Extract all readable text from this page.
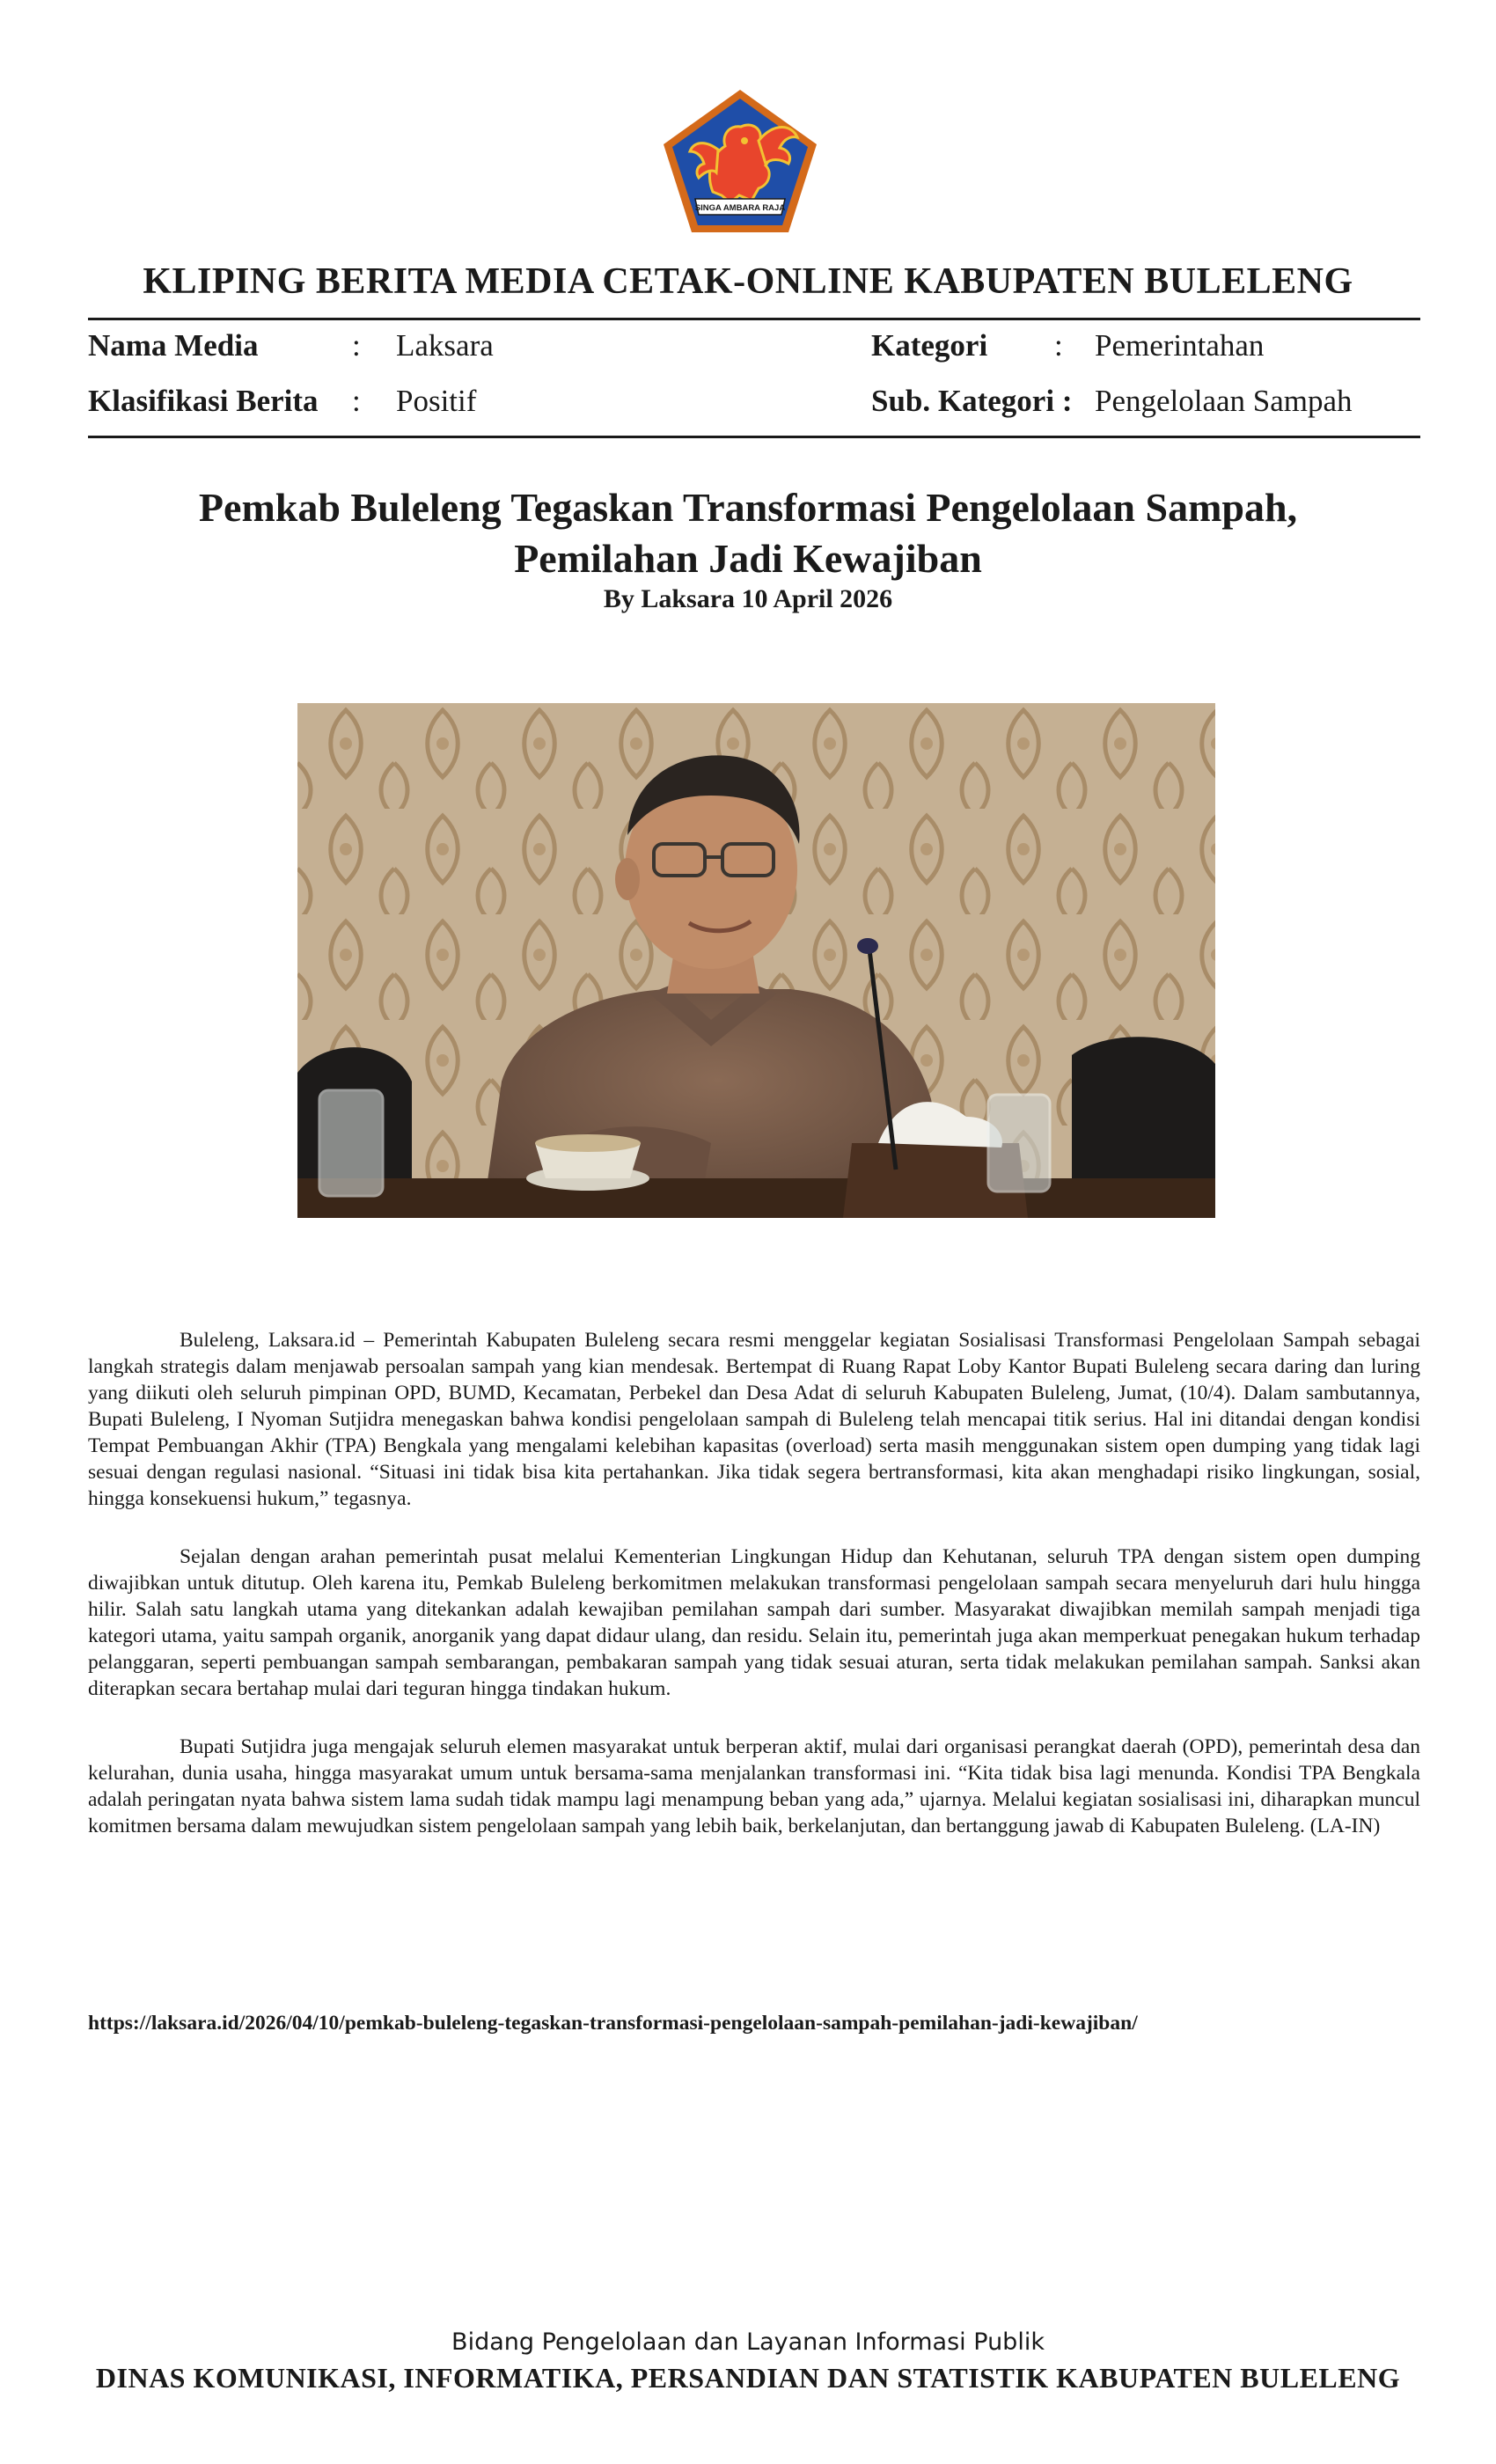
SINGA AMBARA RAJA
KLIPING BERITA MEDIA CETAK-ONLINE KABUPATEN BULELENG
Nama Media	: Laksara	Kategori : Pemerintahan
Klasifikasi Berita : Positif	Sub. Kategori : Pengelolaan Sampah
Pemkab Buleleng Tegaskan Transformasi Pengelolaan Sampah,
Pemilahan Jadi Kewajiban
By Laksara 10 April 2026

Buleleng, Laksara.id – Pemerintah Kabupaten Buleleng secara resmi menggelar kegiatan Sosialisasi Transformasi Pengelolaan Sampah sebagai langkah strategis dalam menjawab persoalan sampah yang kian mendesak. Bertempat di Ruang Rapat Loby Kantor Bupati Buleleng secara daring dan luring yang diikuti oleh seluruh pimpinan OPD, BUMD, Kecamatan, Perbekel dan Desa Adat di seluruh Kabupaten Buleleng, Jumat, (10/4). Dalam sambutannya, Bupati Buleleng, I Nyoman Sutjidra menegaskan bahwa kondisi pengelolaan sampah di Buleleng telah mencapai titik serius. Hal ini ditandai dengan kondisi Tempat Pembuangan Akhir (TPA) Bengkala yang mengalami kelebihan kapasitas (overload) serta masih menggunakan sistem open dumping yang tidak lagi sesuai dengan regulasi nasional. “Situasi ini tidak bisa kita pertahankan. Jika tidak segera bertransformasi, kita akan menghadapi risiko lingkungan, sosial, hingga konsekuensi hukum,” tegasnya.

Sejalan dengan arahan pemerintah pusat melalui Kementerian Lingkungan Hidup dan Kehutanan, seluruh TPA dengan sistem open dumping diwajibkan untuk ditutup. Oleh karena itu, Pemkab Buleleng berkomitmen melakukan transformasi pengelolaan sampah secara menyeluruh dari hulu hingga hilir. Salah satu langkah utama yang ditekankan adalah kewajiban pemilahan sampah dari sumber. Masyarakat diwajibkan memilah sampah menjadi tiga kategori utama, yaitu sampah organik, anorganik yang dapat didaur ulang, dan residu. Selain itu, pemerintah juga akan memperkuat penegakan hukum terhadap pelanggaran, seperti pembuangan sampah sembarangan, pembakaran sampah yang tidak sesuai aturan, serta tidak melakukan pemilahan sampah. Sanksi akan diterapkan secara bertahap mulai dari teguran hingga tindakan hukum.

Bupati Sutjidra juga mengajak seluruh elemen masyarakat untuk berperan aktif, mulai dari organisasi perangkat daerah (OPD), pemerintah desa dan kelurahan, dunia usaha, hingga masyarakat umum untuk bersama-sama menjalankan transformasi ini. “Kita tidak bisa lagi menunda. Kondisi TPA Bengkala adalah peringatan nyata bahwa sistem lama sudah tidak mampu lagi menampung beban yang ada,” ujarnya. Melalui kegiatan sosialisasi ini, diharapkan muncul komitmen bersama dalam mewujudkan sistem pengelolaan sampah yang lebih baik, berkelanjutan, dan bertanggung jawab di Kabupaten Buleleng. (LA-IN)

https://laksara.id/2026/04/10/pemkab-buleleng-tegaskan-transformasi-pengelolaan-sampah-pemilahan-jadi-kewajiban/
Bidang Pengelolaan dan Layanan Informasi Publik
DINAS KOMUNIKASI, INFORMATIKA, PERSANDIAN DAN STATISTIK KABUPATEN BULELENG
